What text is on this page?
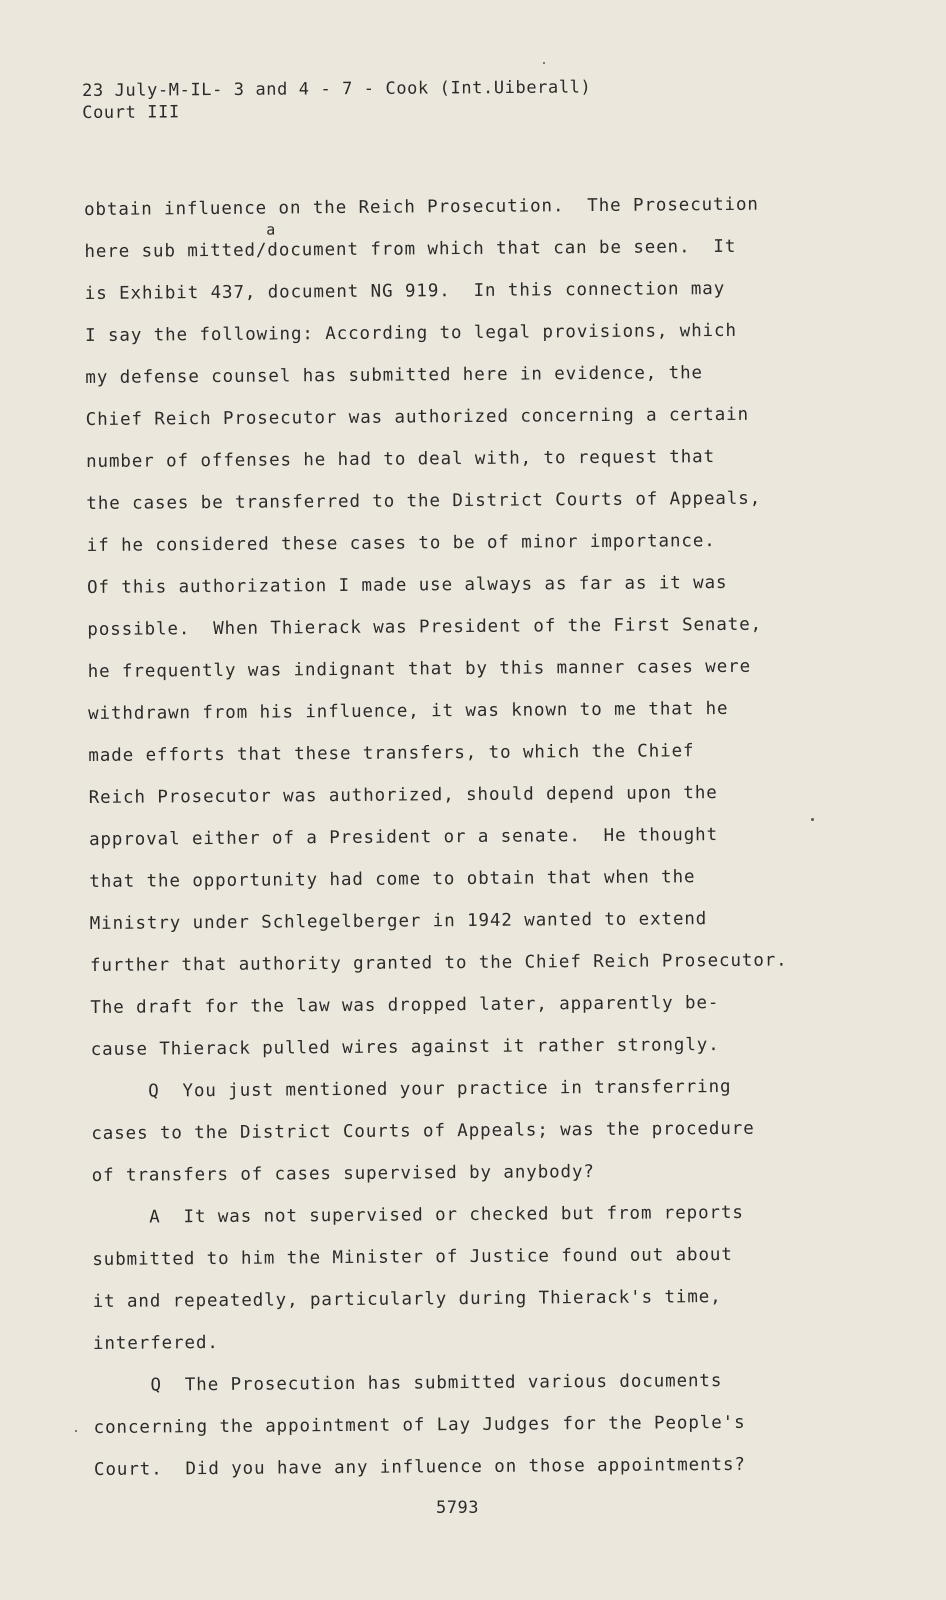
23 July-M-IL- 3 and 4 - 7 - Cook (Int.Uiberall)
Court III
a
obtain influence on the Reich Prosecution.  The Prosecution
here sub mitted/document from which that can be seen.  It
is Exhibit 437, document NG 919.  In this connection may
I say the following: According to legal provisions, which
my defense counsel has submitted here in evidence, the
Chief Reich Prosecutor was authorized concerning a certain
number of offenses he had to deal with, to request that
the cases be transferred to the District Courts of Appeals,
if he considered these cases to be of minor importance.
Of this authorization I made use always as far as it was
possible.  When Thierack was President of the First Senate,
he frequently was indignant that by this manner cases were
withdrawn from his influence, it was known to me that he
made efforts that these transfers, to which the Chief
Reich Prosecutor was authorized, should depend upon the
approval either of a President or a senate.  He thought
that the opportunity had come to obtain that when the
Ministry under Schlegelberger in 1942 wanted to extend
further that authority granted to the Chief Reich Prosecutor.
The draft for the law was dropped later, apparently be-
cause Thierack pulled wires against it rather strongly.
Q  You just mentioned your practice in transferring
cases to the District Courts of Appeals; was the procedure
of transfers of cases supervised by anybody?
A  It was not supervised or checked but from reports
submitted to him the Minister of Justice found out about
it and repeatedly, particularly during Thierack's time,
interfered.
Q  The Prosecution has submitted various documents
concerning the appointment of Lay Judges for the People's
Court.  Did you have any influence on those appointments?
5793
